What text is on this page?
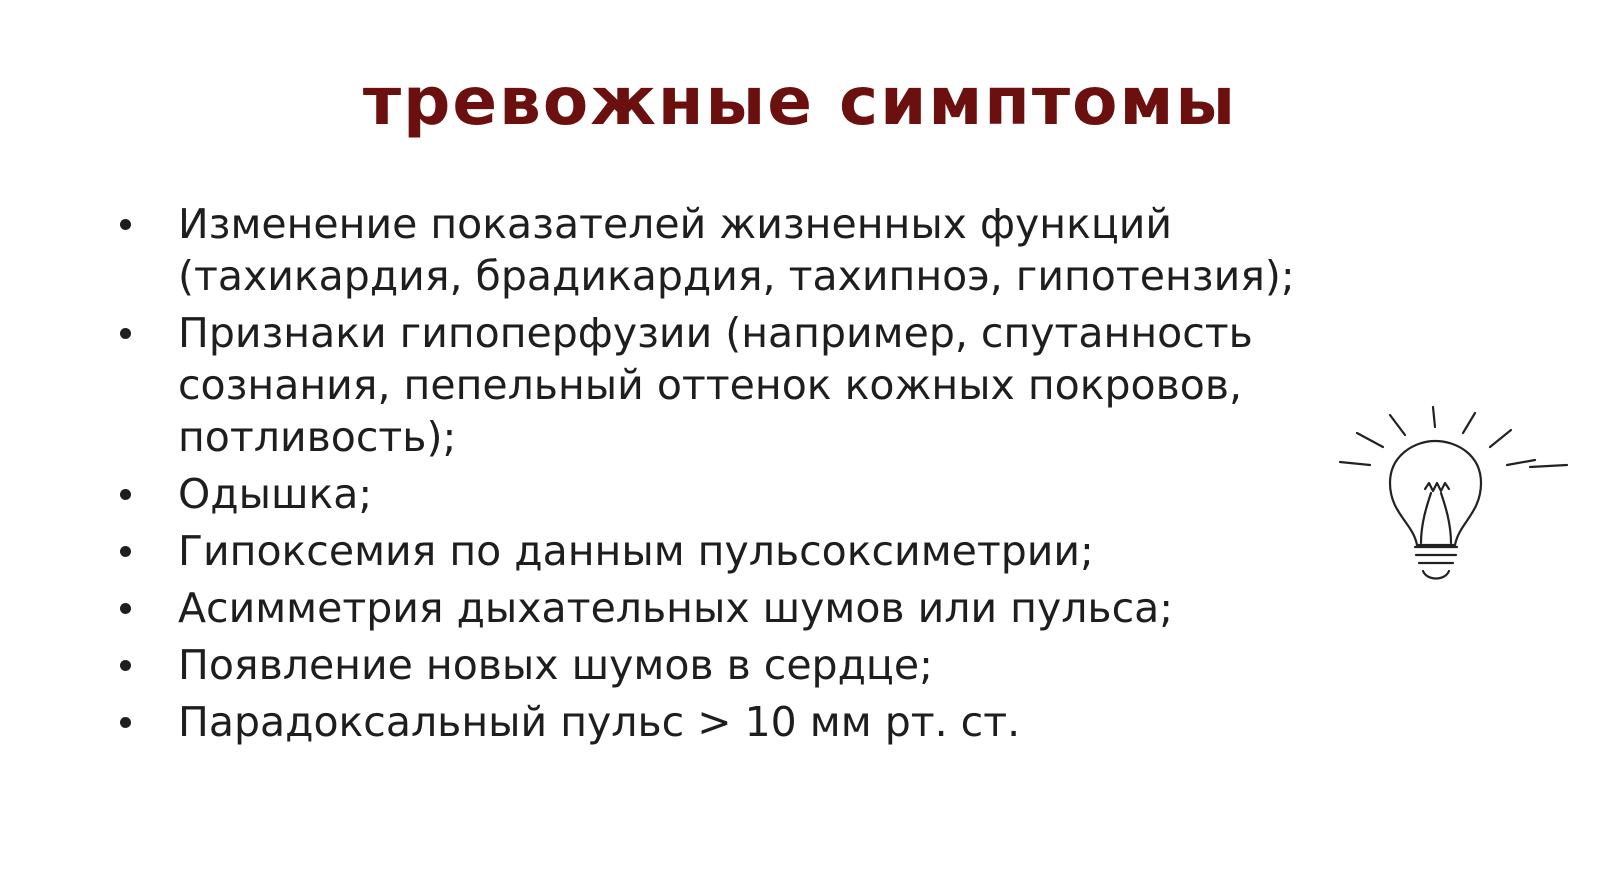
тревожные симптомы
Изменение показателей жизненных функций (тахикардия, брадикардия, тахипноэ, гипотензия);
Признаки гипоперфузии (например, спутанность сознания, пепельный оттенок кожных покровов, потливость);
Одышка;
Гипоксемия по данным пульсоксиметрии;
Асимметрия дыхательных шумов или пульса;
Появление новых шумов в сердце;
Парадоксальный пульс > 10 мм рт. ст.
